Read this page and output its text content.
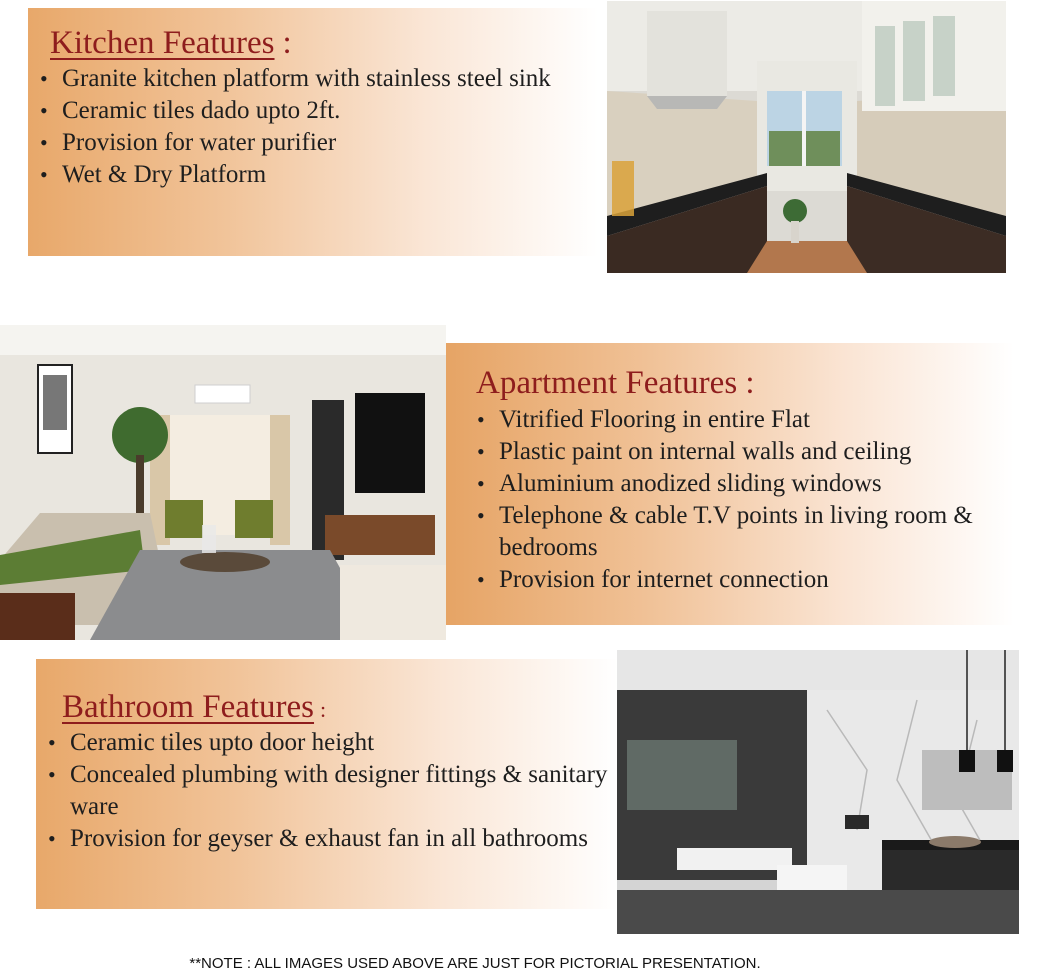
Kitchen Features :
• Granite kitchen platform with stainless steel sink
• Ceramic tiles dado upto 2ft.
• Provision for water purifier
• Wet & Dry Platform
Apartment Features :
• Vitrified Flooring in entire Flat
• Plastic paint on internal walls and ceiling
• Aluminium anodized sliding windows
• Telephone & cable T.V points in living room & bedrooms
• Provision for internet connection
Bathroom Features :
• Ceramic tiles upto door height
• Concealed plumbing with designer fittings & sanitary ware
• Provision for geyser & exhaust fan in all bathrooms
**NOTE : ALL IMAGES USED ABOVE ARE JUST FOR PICTORIAL PRESENTATION.
